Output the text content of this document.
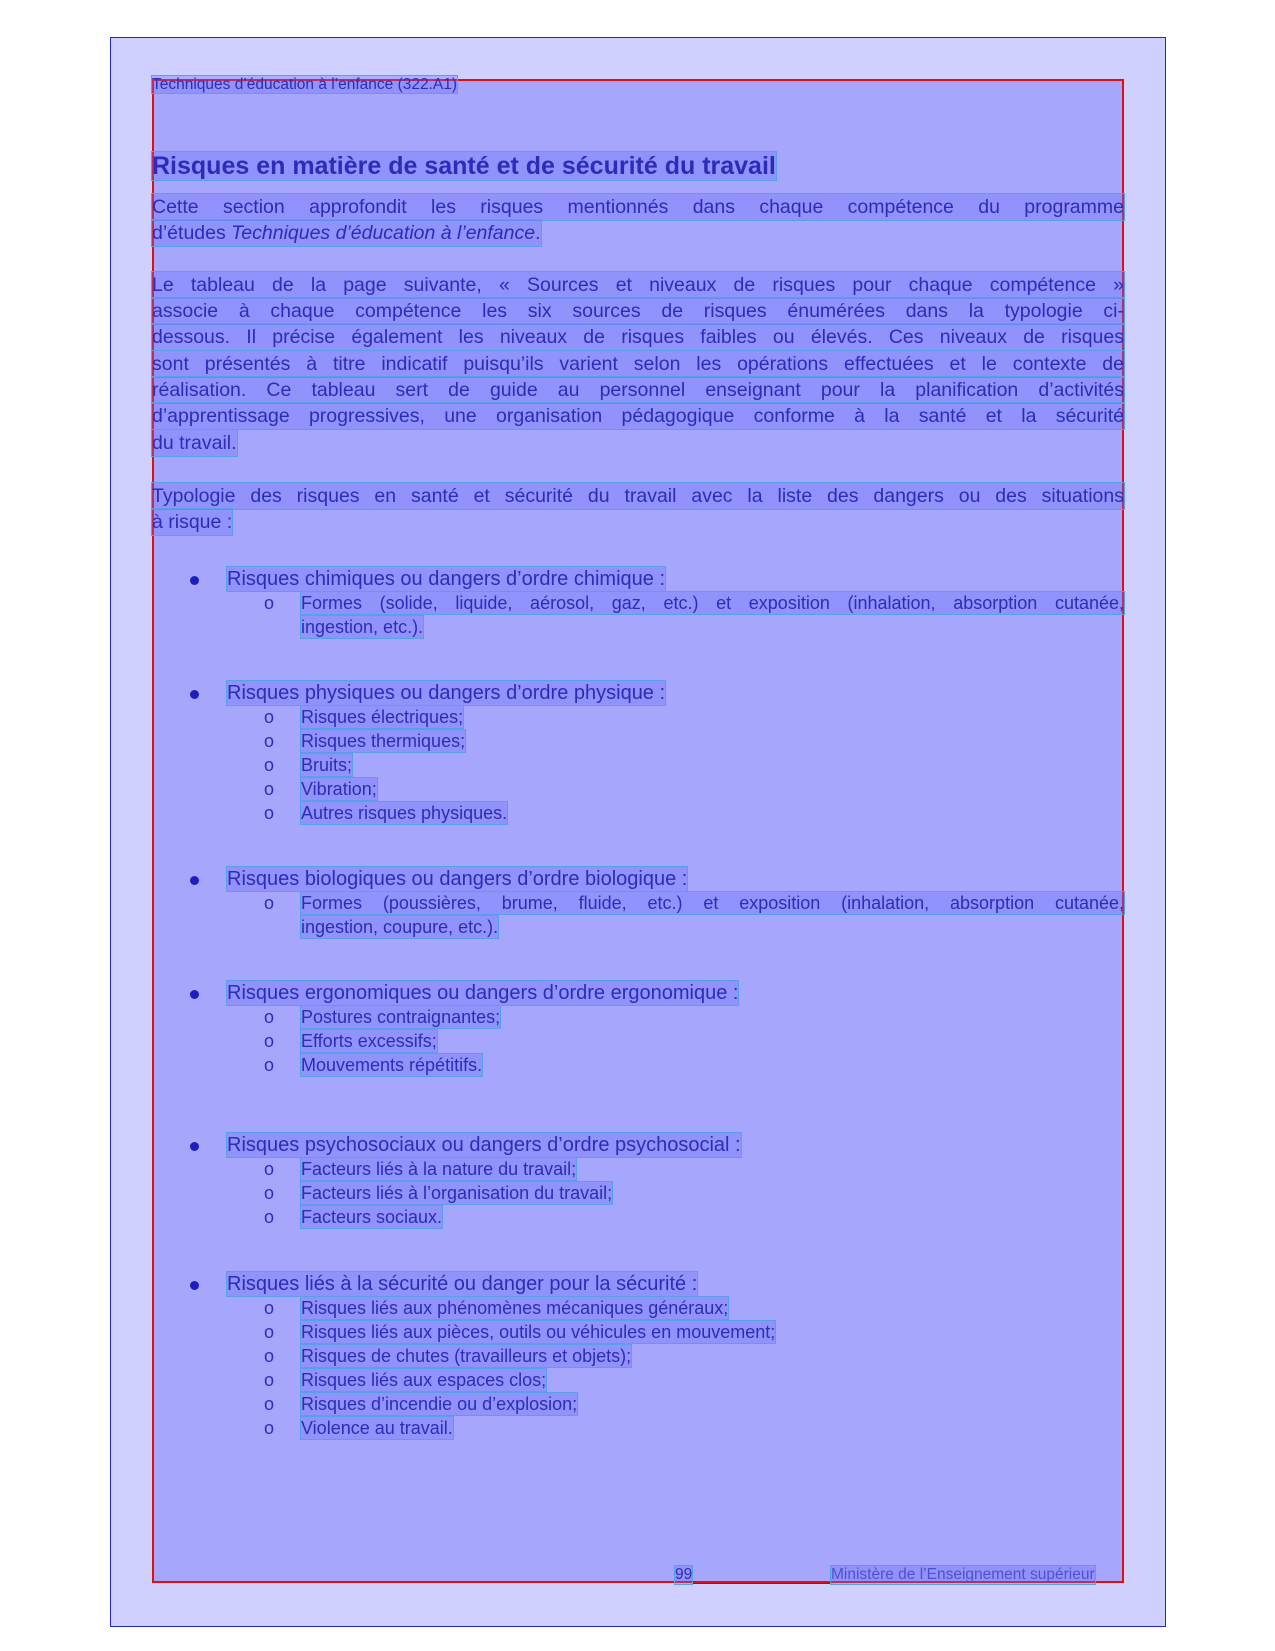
Techniques d’éducation à l’enfance (322.A1)
Risques en matière de santé et de sécurité du travail
Cette section approfondit les risques mentionnés dans chaque compétence du programme
d’études Techniques d’éducation à l’enfance.
Le tableau de la page suivante, « Sources et niveaux de risques pour chaque compétence »
associe à chaque compétence les six sources de risques énumérées dans la typologie ci-
dessous. Il précise également les niveaux de risques faibles ou élevés. Ces niveaux de risques
sont présentés à titre indicatif puisqu’ils varient selon les opérations effectuées et le contexte de
réalisation. Ce tableau sert de guide au personnel enseignant pour la planification d’activités
d’apprentissage progressives, une organisation pédagogique conforme à la santé et la sécurité
du travail.
Typologie des risques en santé et sécurité du travail avec la liste des dangers ou des situations
à risque :
Risques chimiques ou dangers d’ordre chimique :
o Formes (solide, liquide, aérosol, gaz, etc.) et exposition (inhalation, absorption cutanée,
ingestion, etc.).
Risques physiques ou dangers d’ordre physique :
o Risques électriques;
o Risques thermiques;
o Bruits;
o Vibration;
o Autres risques physiques.
Risques biologiques ou dangers d’ordre biologique :
o Formes (poussières, brume, fluide, etc.) et exposition (inhalation, absorption cutanée,
ingestion, coupure, etc.).
Risques ergonomiques ou dangers d’ordre ergonomique :
o Postures contraignantes;
o Efforts excessifs;
o Mouvements répétitifs.
Risques psychosociaux ou dangers d’ordre psychosocial :
o Facteurs liés à la nature du travail;
o Facteurs liés à l’organisation du travail;
o Facteurs sociaux.
Risques liés à la sécurité ou danger pour la sécurité :
o Risques liés aux phénomènes mécaniques généraux;
o Risques liés aux pièces, outils ou véhicules en mouvement;
o Risques de chutes (travailleurs et objets);
o Risques liés aux espaces clos;
o Risques d’incendie ou d’explosion;
o Violence au travail.
99	Ministère de l’Enseignement supérieur
